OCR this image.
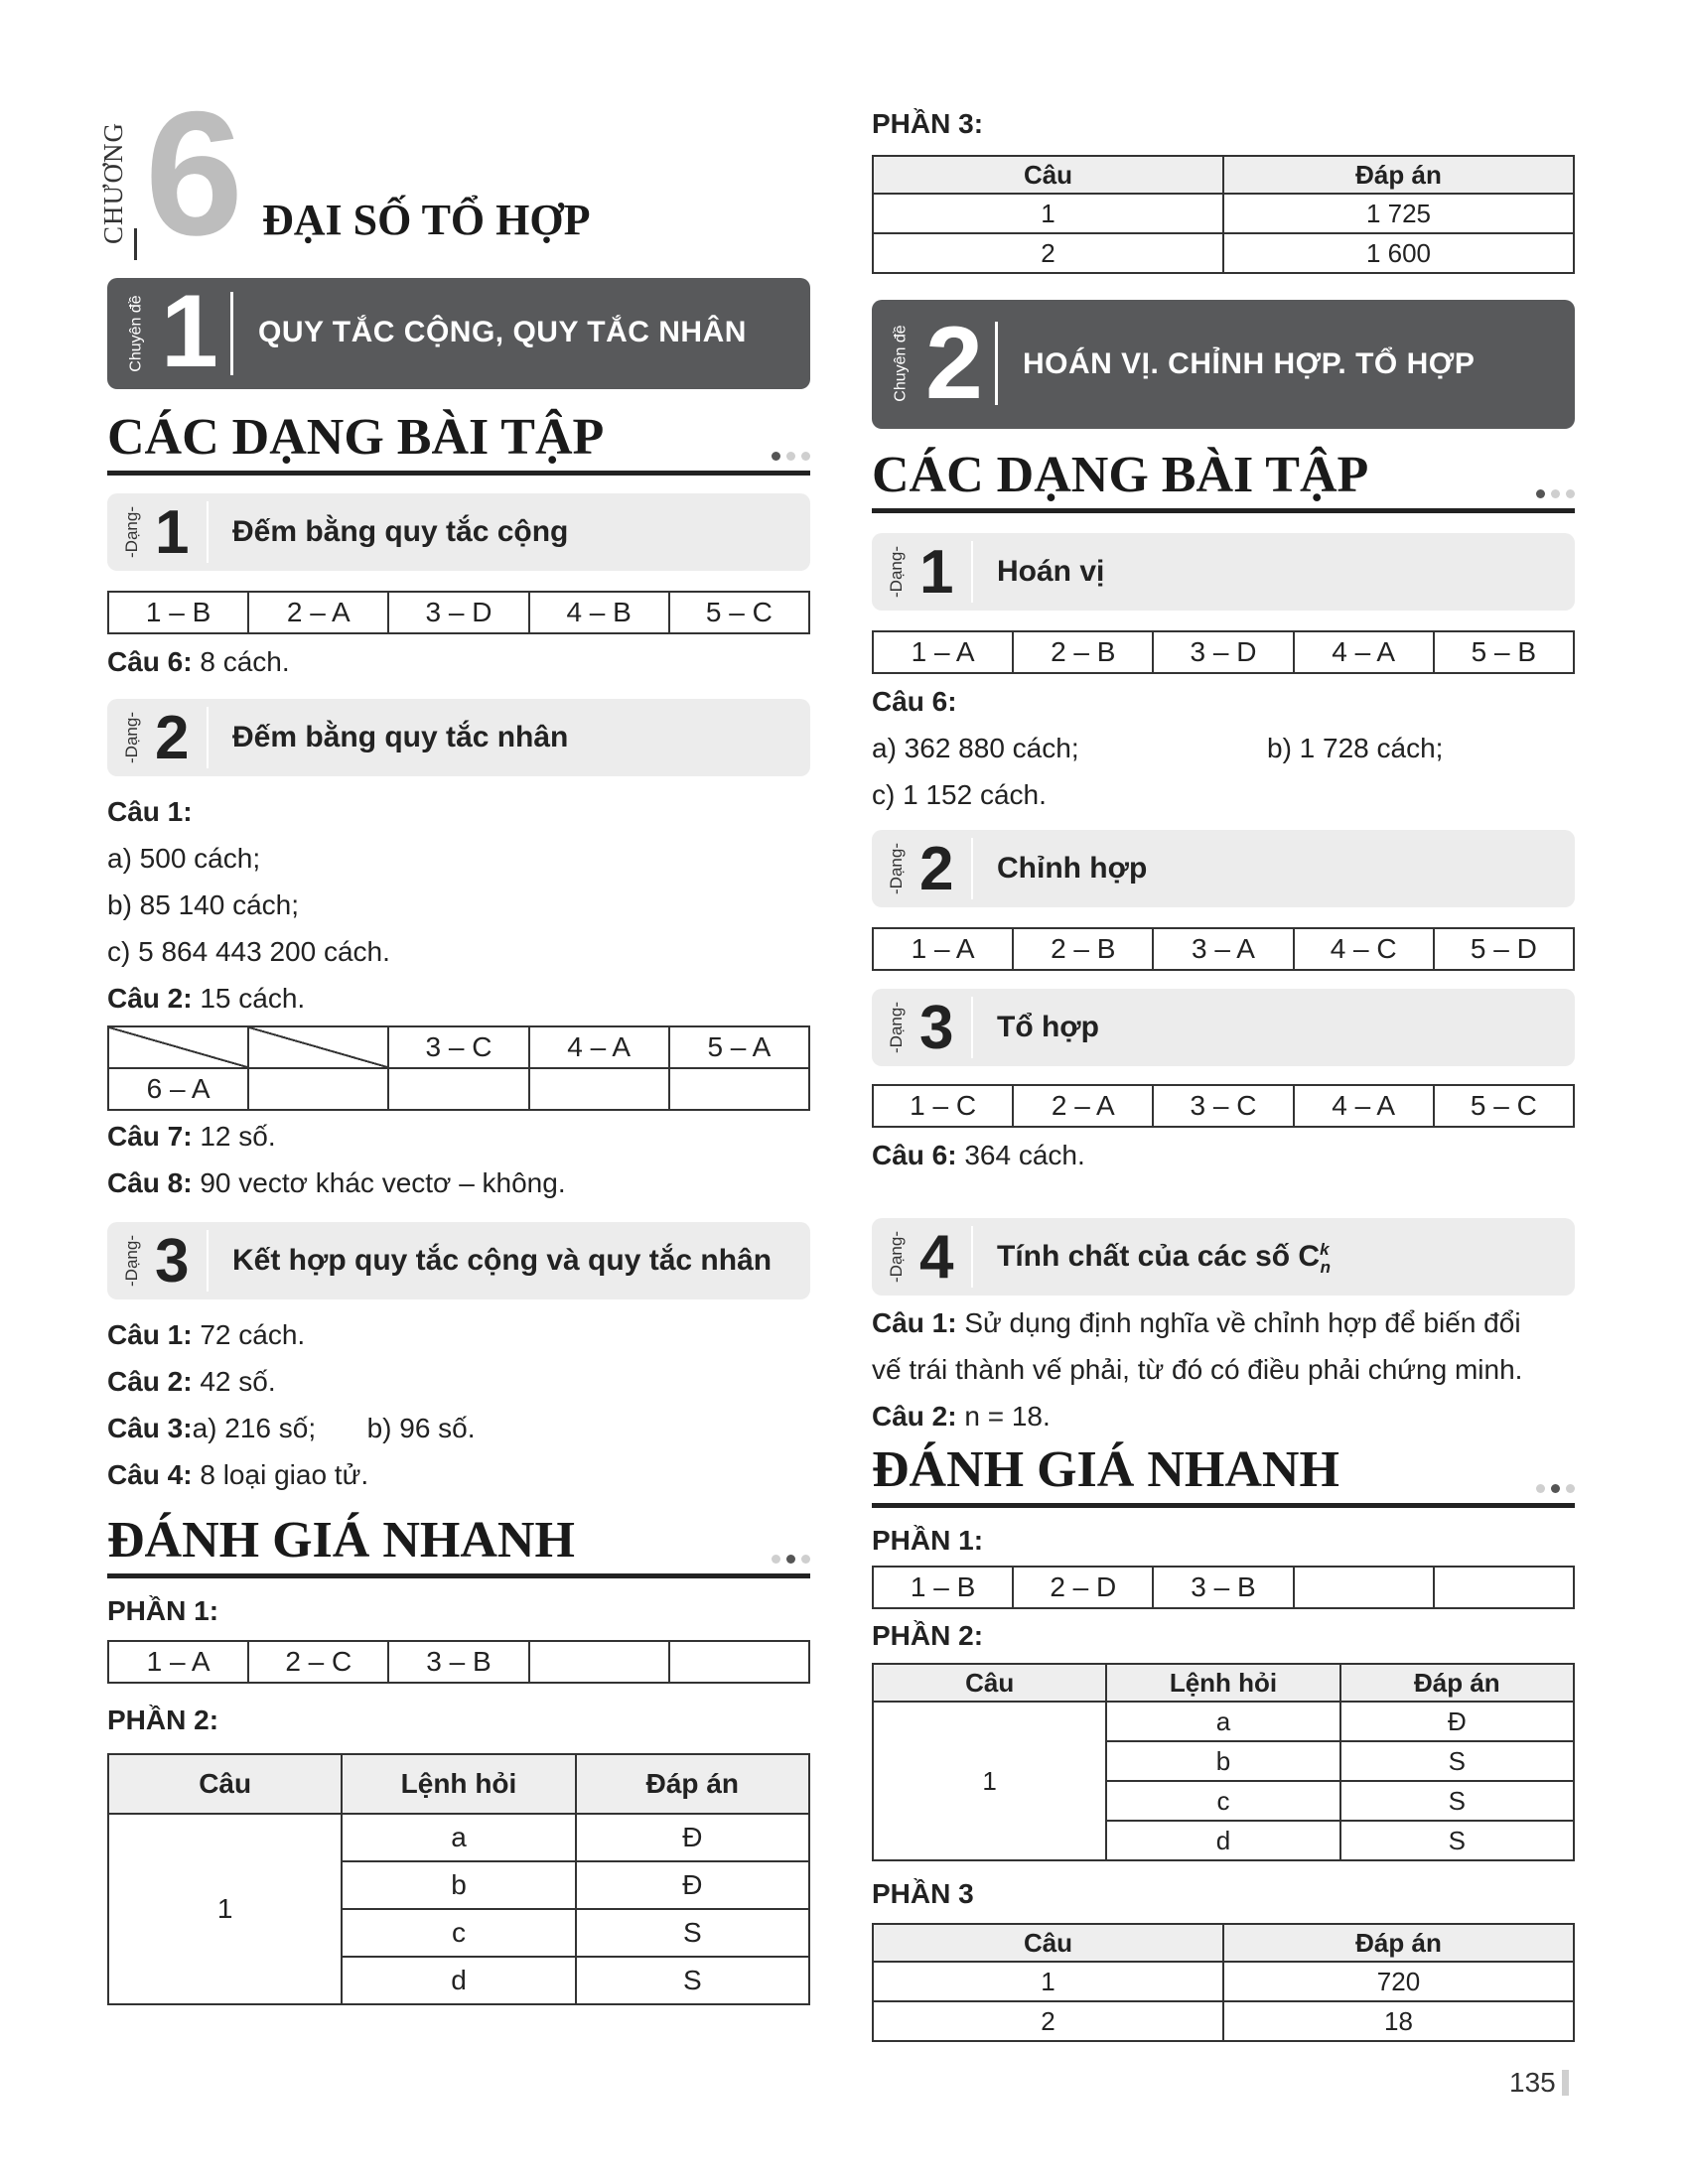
CHƯƠNG 6 ĐẠI SỐ TỔ HỢP
Chuyên đề 1 QUY TẮC CỘNG, QUY TẮC NHÂN
CÁC DẠNG BÀI TẬP
-Dạng- 1 Đếm bằng quy tắc cộng
1 – B	2 – A	3 – D	4 – B	5 – C
Câu 6: 8 cách.
-Dạng- 2 Đếm bằng quy tắc nhân
Câu 1:
a) 500 cách;
b) 85 140 cách;
c) 5 864 443 200 cách.
Câu 2: 15 cách.
		3 – C	4 – A	5 – A
6 – A				
Câu 7: 12 số.
Câu 8: 90 vectơ khác vectơ – không.
-Dạng- 3 Kết hợp quy tắc cộng và quy tắc nhân
Câu 1: 72 cách.
Câu 2: 42 số.
Câu 3:a) 216 số; b) 96 số.
Câu 4: 8 loại giao tử.
ĐÁNH GIÁ NHANH
PHẦN 1:
1 – A	2 – C	3 – B		
PHẦN 2:
Câu	Lệnh hỏi	Đáp án
1	a	Đ
	b	Đ
	c	S
	d	S
PHẦN 3:
Câu	Đáp án
1	1 725
2	1 600
Chuyên đề 2 HOÁN VỊ. CHỈNH HỢP. TỔ HỢP
CÁC DẠNG BÀI TẬP
-Dạng- 1 Hoán vị
1 – A	2 – B	3 – D	4 – A	5 – B
Câu 6:
a) 362 880 cách;	b) 1 728 cách;
c) 1 152 cách.
-Dạng- 2 Chỉnh hợp
1 – A	2 – B	3 – A	4 – C	5 – D
-Dạng- 3 Tổ hợp
1 – C	2 – A	3 – C	4 – A	5 – C
Câu 6: 364 cách.
-Dạng- 4 Tính chất của các số $C^k_n$
Câu 1: Sử dụng định nghĩa về chỉnh hợp để biến đổi
vế trái thành vế phải, từ đó có điều phải chứng minh.
Câu 2: n = 18.
ĐÁNH GIÁ NHANH
PHẦN 1:
1 – B	2 – D	3 – B		
PHẦN 2:
Câu	Lệnh hỏi	Đáp án
1	a	Đ
	b	S
	c	S
	d	S
PHẦN 3
Câu	Đáp án
1	720
2	18
135
